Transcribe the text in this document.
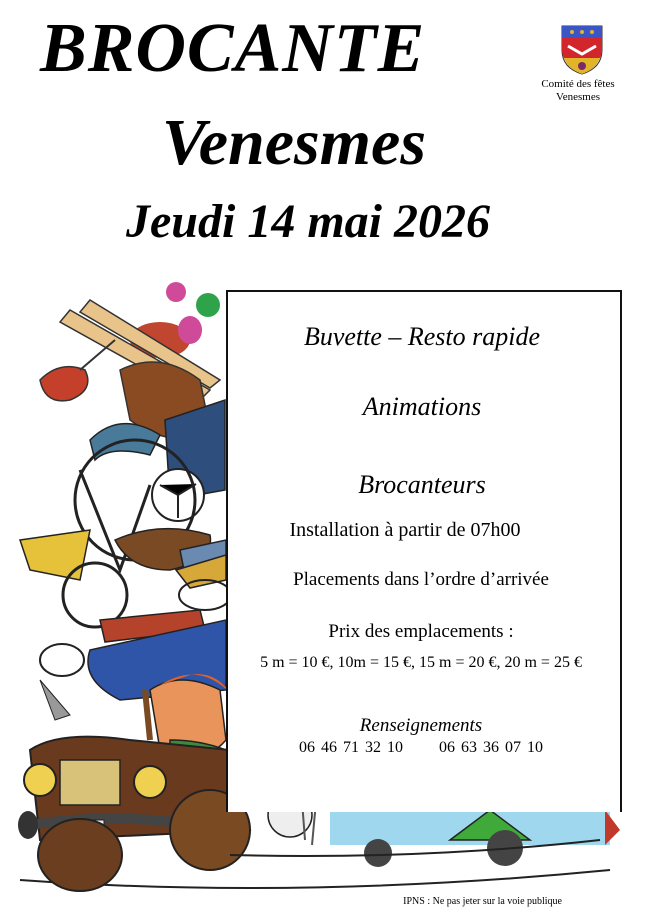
BROCANTE
Venesmes
Jeudi 14 mai 2026
Comité des fêtes
Venesmes
Buvette – Resto rapide
Animations
Brocanteurs
Installation à partir de 07h00
Placements dans l’ordre d’arrivée
Prix des emplacements :
5 m = 10 €, 10m = 15 €, 15 m = 20 €, 20 m = 25 €
Renseignements
06 46 71 32 10      06 63 36 07 10
IPNS : Ne pas jeter sur la voie publique
